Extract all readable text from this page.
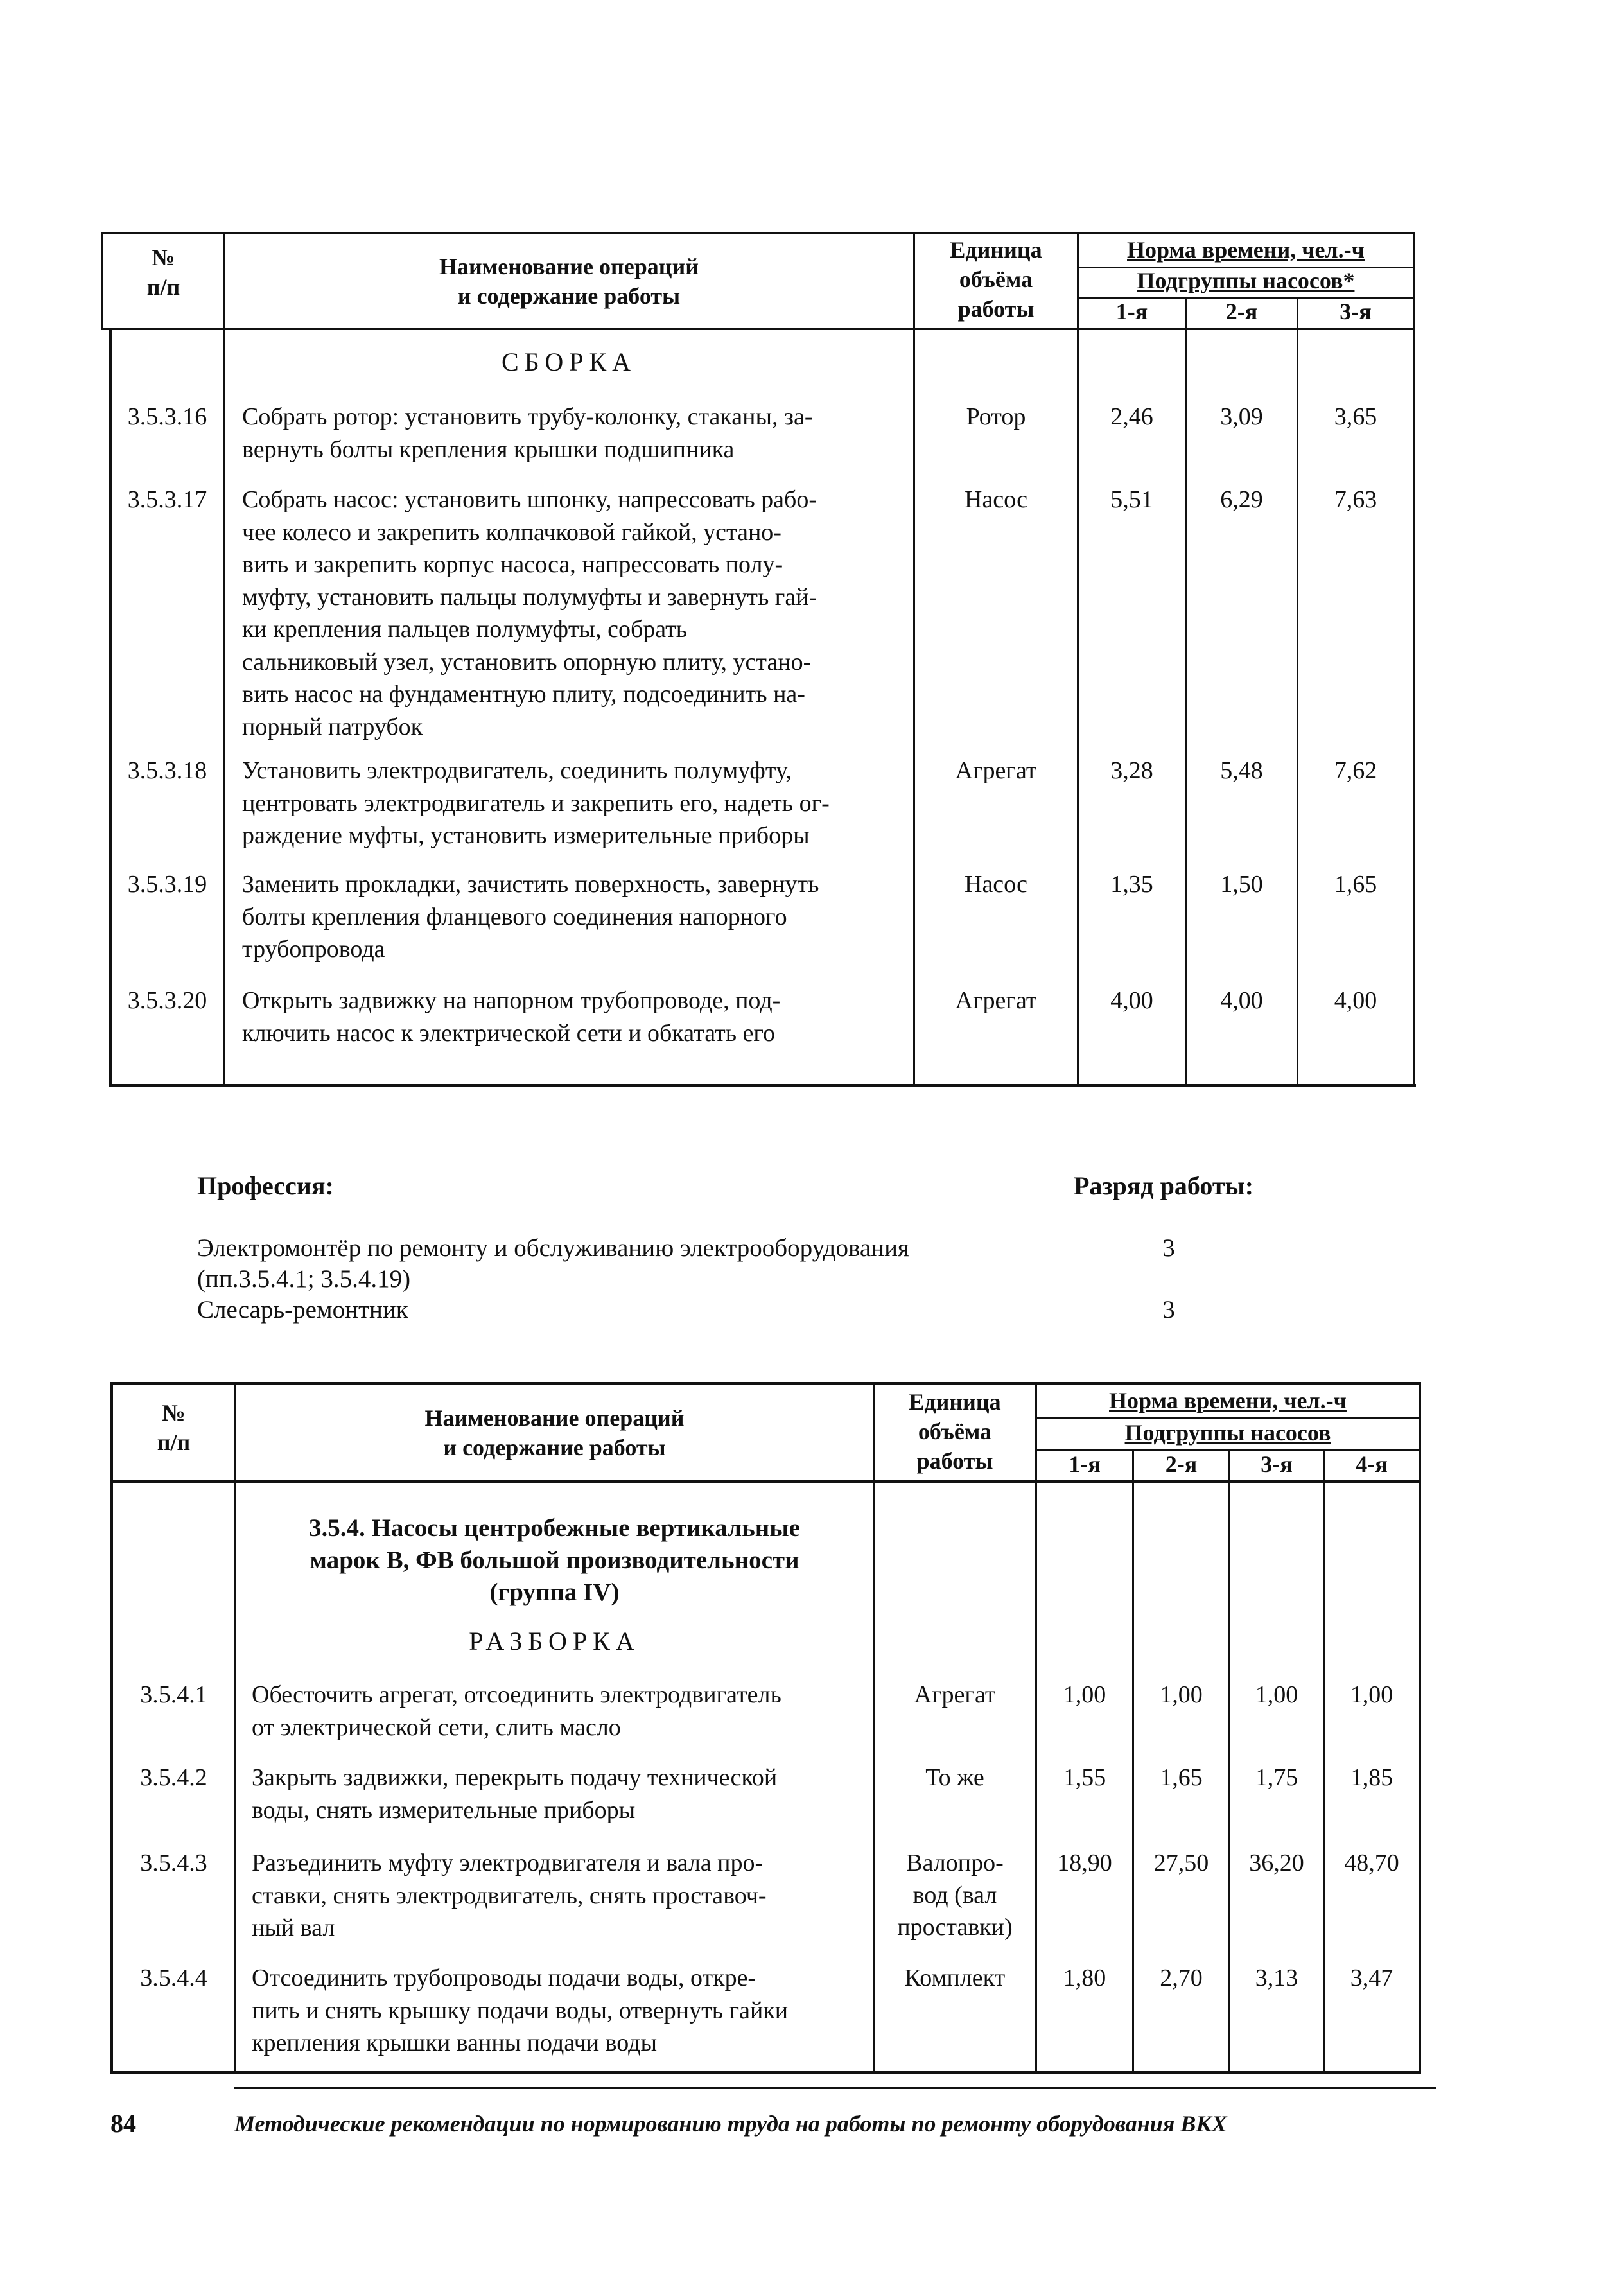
№
п/п
Наименование операций
и содержание работы
Единица
объёма
работы
Норма времени, чел.-ч
Подгруппы насосов*
1-я	2-я	3-я
СБОРКА
3.5.3.16	Собрать ротор: установить трубу-колонку, стаканы, за-
вернуть болты крепления крышки подшипника
Ротор	2,46	3,09	3,65
3.5.3.17	Собрать насос: установить шпонку, напрессовать рабо-
чее колесо и закрепить колпачковой гайкой, устано-
вить и закрепить корпус насоса, напрессовать полу-
муфту, установить пальцы полумуфты и завернуть гай-
ки крепления пальцев полумуфты, собрать
сальниковый узел, установить опорную плиту, устано-
вить насос на фундаментную плиту, подсоединить на-
порный патрубок
Насос	5,51	6,29	7,63
3.5.3.18	Установить электродвигатель, соединить полумуфту,
центровать электродвигатель и закрепить его, надеть ог-
раждение муфты, установить измерительные приборы
Агрегат	3,28	5,48	7,62
3.5.3.19	Заменить прокладки, зачистить поверхность, завернуть
болты крепления фланцевого соединения напорного
трубопровода
Насос	1,35	1,50	1,65
3.5.3.20	Открыть задвижку на напорном трубопроводе, под-
ключить насос к электрической сети и обкатать его
Агрегат	4,00	4,00	4,00
Профессия:	Разряд работы:
Электромонтёр по ремонту и обслуживанию электрооборудования
(пп.3.5.4.1; 3.5.4.19)
3
Слесарь-ремонтник	3
№
п/п
Наименование операций
и содержание работы
Единица
объёма
работы
Норма времени, чел.-ч
Подгруппы насосов
1-я	2-я	3-я	4-я
3.5.4. Насосы центробежные вертикальные
марок В, ФВ большой производительности
(группа IV)
РАЗБОРКА
3.5.4.1	Обесточить агрегат, отсоединить электродвигатель
от электрической сети, слить масло
Агрегат	1,00	1,00	1,00	1,00
3.5.4.2	Закрыть задвижки, перекрыть подачу технической
воды, снять измерительные приборы
То же	1,55	1,65	1,75	1,85
3.5.4.3	Разъединить муфту электродвигателя и вала про-
ставки, снять электродвигатель, снять проставоч-
ный вал
Валопро-
вод (вал
проставки)
18,90	27,50	36,20	48,70
3.5.4.4	Отсоединить трубопроводы подачи воды, откре-
пить и снять крышку подачи воды, отвернуть гайки
крепления крышки ванны подачи воды
Комплект	1,80	2,70	3,13	3,47
84	Методические рекомендации по нормированию труда на работы по ремонту оборудования ВКХ
